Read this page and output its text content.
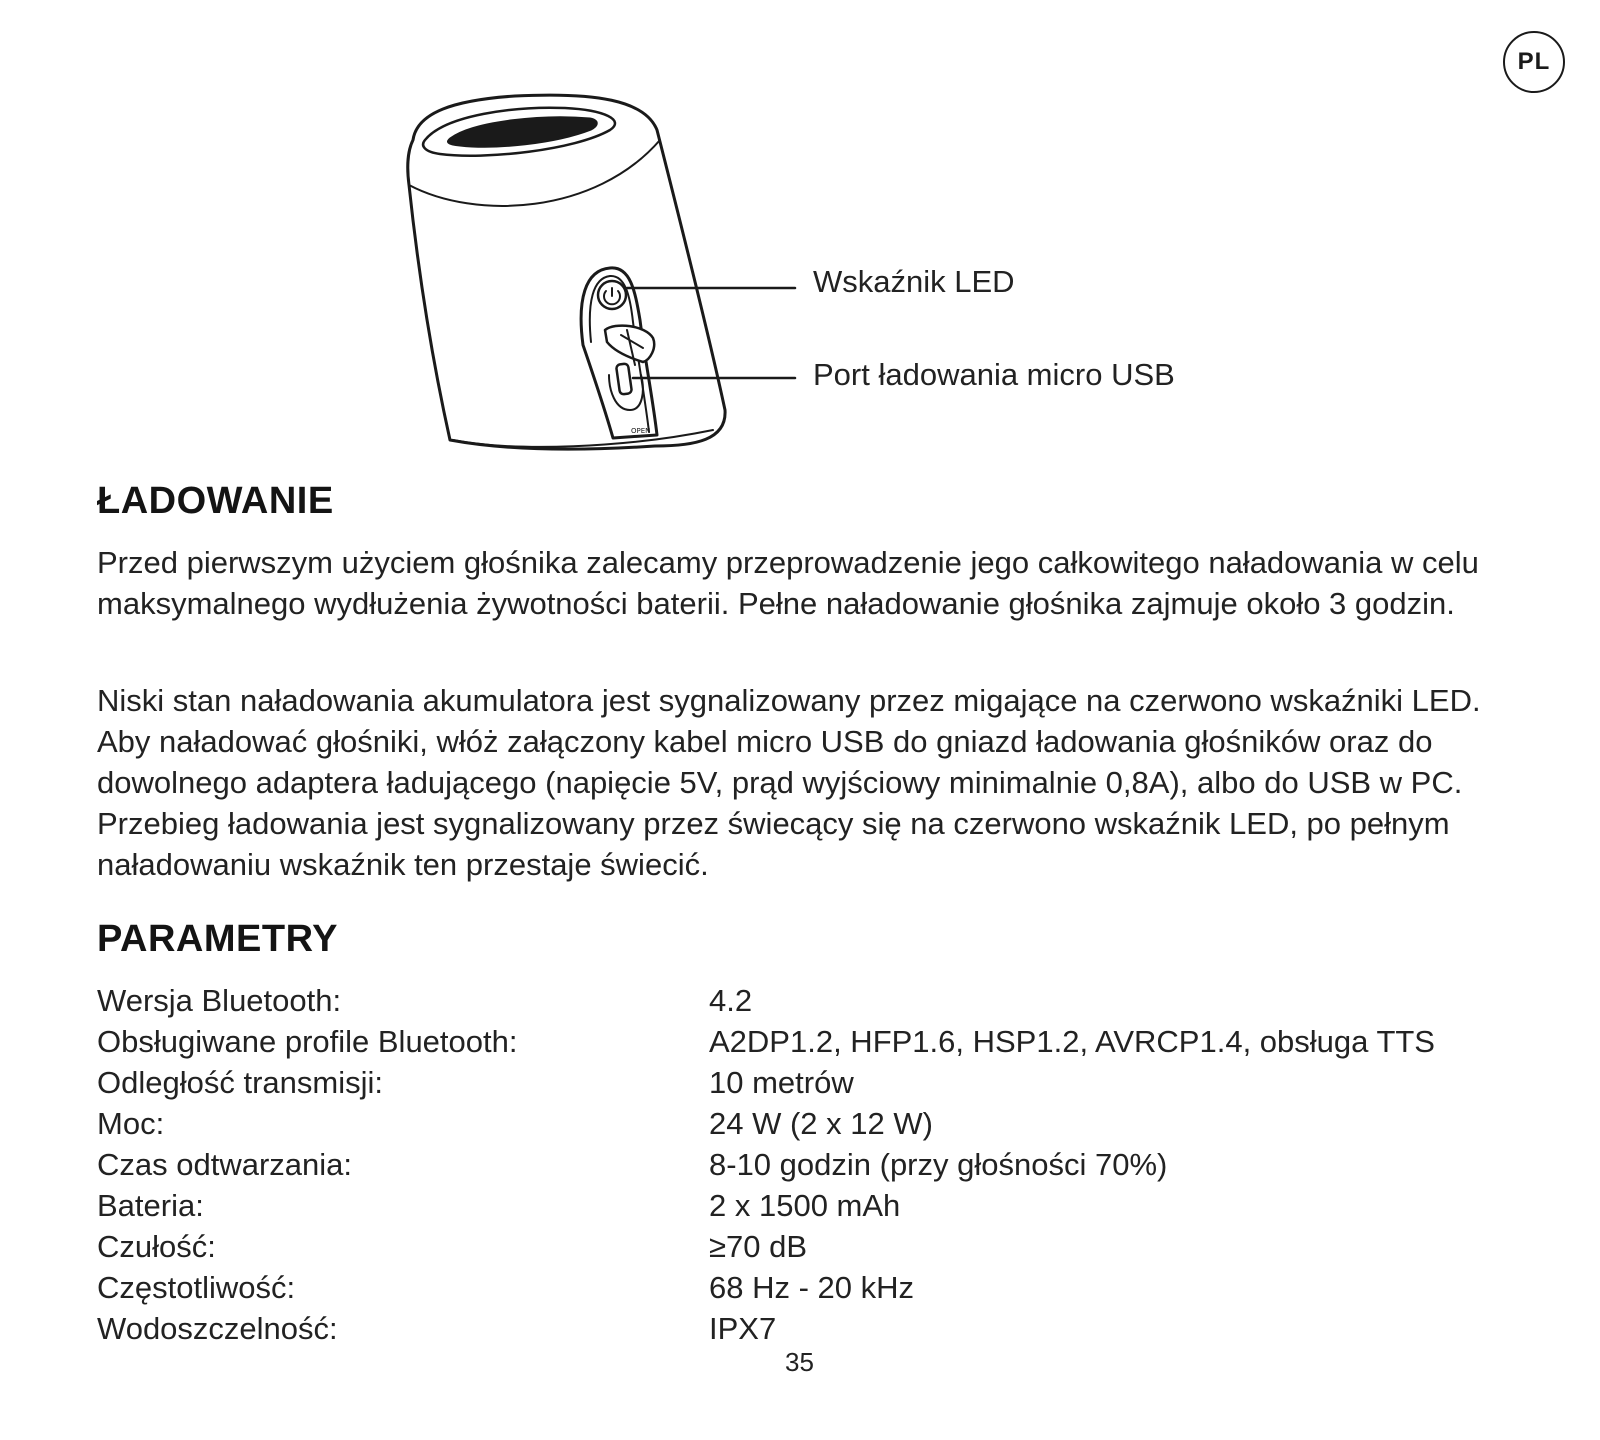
PL
OPEN
Wskaźnik LED
Port ładowania micro USB
ŁADOWANIE

Przed pierwszym użyciem głośnika zalecamy przeprowadzenie jego całkowitego naładowania w celu maksymalnego wydłużenia żywotności baterii. Pełne naładowanie głośnika zajmuje około 3 godzin.

Niski stan naładowania akumulatora jest sygnalizowany przez migające na czerwono wskaźniki LED. Aby naładować głośniki, włóż załączony kabel micro USB do gniazd ładowania głośników oraz do dowolnego adaptera ładującego (napięcie 5V, prąd wyjściowy minimalnie 0,8A), albo do USB w PC. Przebieg ładowania jest sygnalizowany przez świecący się na czerwono wskaźnik LED, po pełnym naładowaniu wskaźnik ten przestaje świecić.

PARAMETRY
Wersja Bluetooth:	4.2
Obsługiwane profile Bluetooth:	A2DP1.2, HFP1.6, HSP1.2, AVRCP1.4, obsługa TTS
Odległość transmisji:	10 metrów
Moc:	24 W (2 x 12 W)
Czas odtwarzania:	8-10 godzin (przy głośności 70%)
Bateria:	2 x 1500 mAh
Czułość:	≥70 dB
Częstotliwość:	68 Hz - 20 kHz
Wodoszczelność:	IPX7
35
